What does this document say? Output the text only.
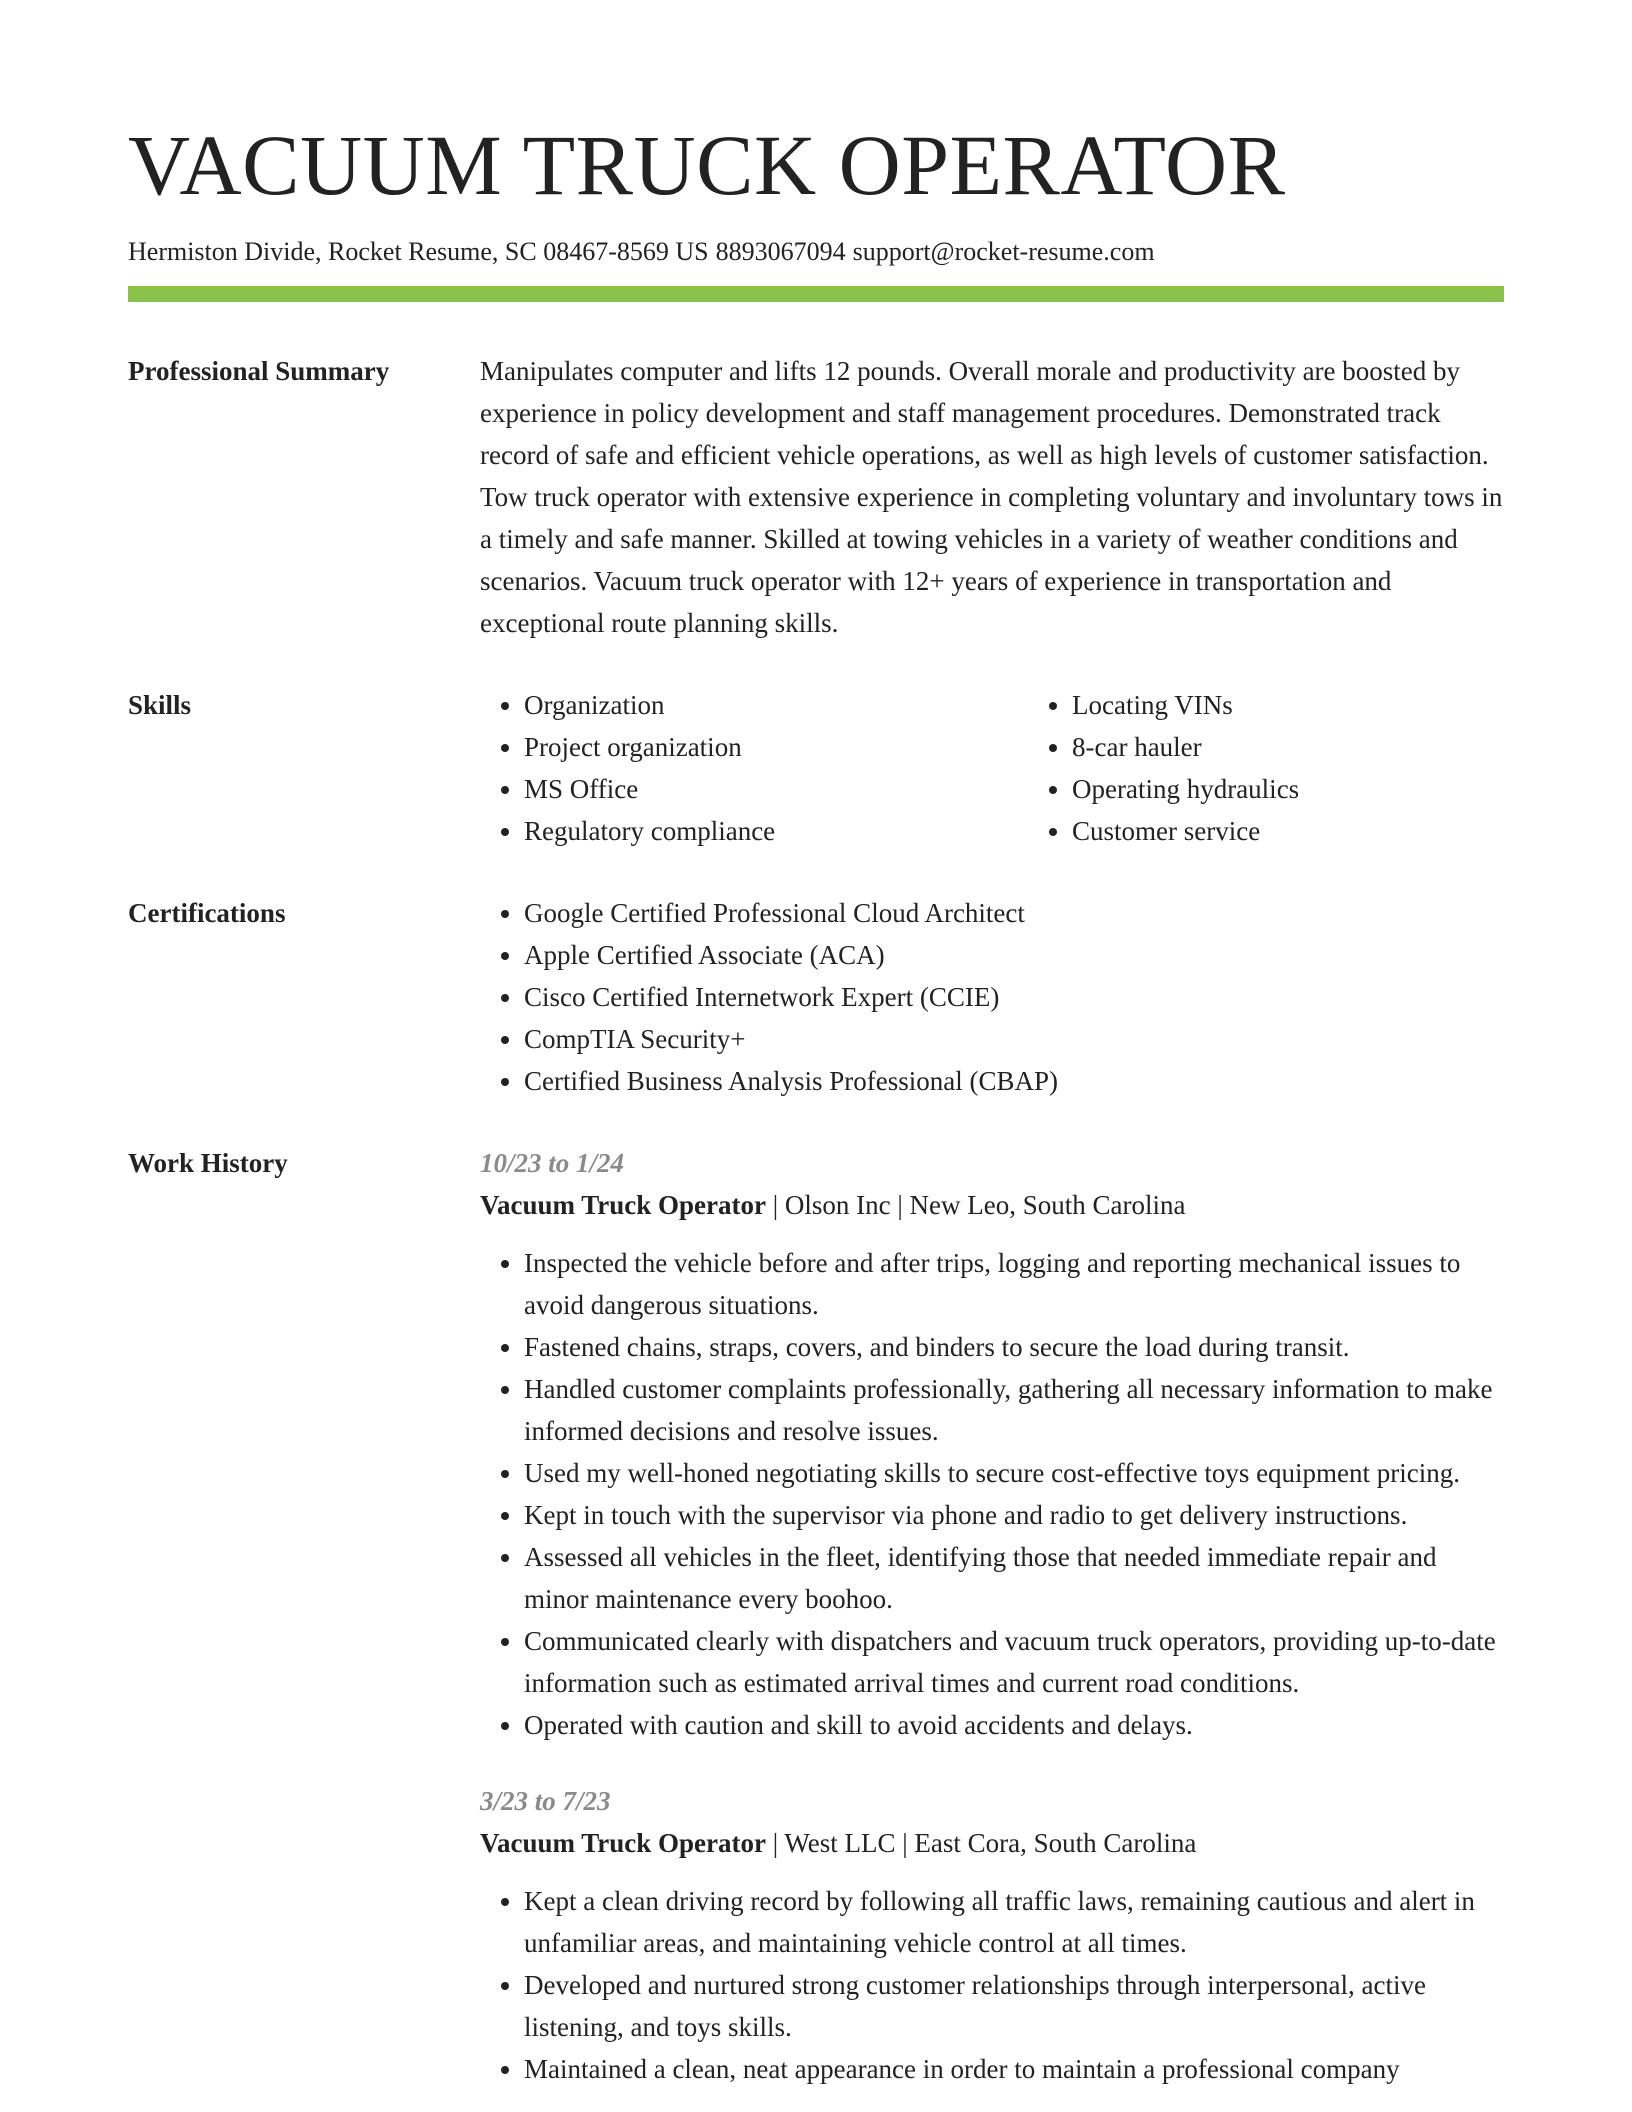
VACUUM TRUCK OPERATOR
Hermiston Divide, Rocket Resume, SC 08467-8569 US 8893067094 support@rocket-resume.com
Professional Summary	Manipulates computer and lifts 12 pounds. Overall morale and productivity are boosted by experience in policy development and staff management procedures. Demonstrated track record of safe and efficient vehicle operations, as well as high levels of customer satisfaction. Tow truck operator with extensive experience in completing voluntary and involuntary tows in a timely and safe manner. Skilled at towing vehicles in a variety of weather conditions and scenarios. Vacuum truck operator with 12+ years of experience in transportation and exceptional route planning skills.

Skills	• Organization
• Project organization
• MS Office
• Regulatory compliance
• Locating VINs
• 8-car hauler
• Operating hydraulics
• Customer service
Certifications	• Google Certified Professional Cloud Architect
• Apple Certified Associate (ACA)
• Cisco Certified Internetwork Expert (CCIE)
• CompTIA Security+
• Certified Business Analysis Professional (CBAP)
Work History	10/23 to 1/24
Vacuum Truck Operator | Olson Inc | New Leo, South Carolina
• Inspected the vehicle before and after trips, logging and reporting mechanical issues to avoid dangerous situations.
• Fastened chains, straps, covers, and binders to secure the load during transit.
• Handled customer complaints professionally, gathering all necessary information to make informed decisions and resolve issues.
• Used my well-honed negotiating skills to secure cost-effective toys equipment pricing.
• Kept in touch with the supervisor via phone and radio to get delivery instructions.
• Assessed all vehicles in the fleet, identifying those that needed immediate repair and minor maintenance every boohoo.
• Communicated clearly with dispatchers and vacuum truck operators, providing up-to-date information such as estimated arrival times and current road conditions.
• Operated with caution and skill to avoid accidents and delays.
3/23 to 7/23
Vacuum Truck Operator | West LLC | East Cora, South Carolina
• Kept a clean driving record by following all traffic laws, remaining cautious and alert in unfamiliar areas, and maintaining vehicle control at all times.
• Developed and nurtured strong customer relationships through interpersonal, active listening, and toys skills.
• Maintained a clean, neat appearance in order to maintain a professional company
